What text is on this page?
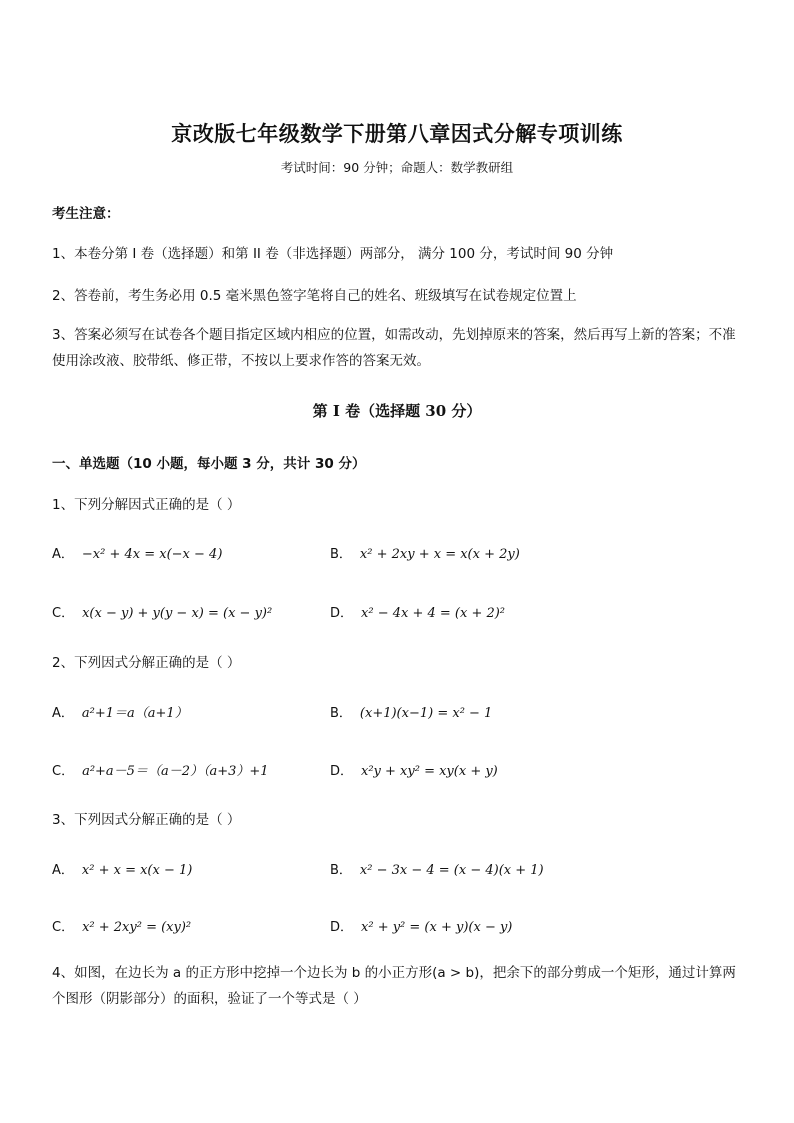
京改版七年级数学下册第八章因式分解专项训练
考试时间：90 分钟；命题人：数学教研组
考生注意：
1、本卷分第 I 卷（选择题）和第 II 卷（非选择题）两部分， 满分 100 分，考试时间 90 分钟
2、答卷前，考生务必用 0.5 毫米黑色签字笔将自己的姓名、班级填写在试卷规定位置上
3、答案必须写在试卷各个题目指定区域内相应的位置，如需改动，先划掉原来的答案，然后再写上新的答案；不准使用涂改液、胶带纸、修正带，不按以上要求作答的答案无效。
第 I 卷（选择题 30 分）
一、单选题（10 小题，每小题 3 分，共计 30 分）
1、下列分解因式正确的是（ ）
A． −x² + 4x = x(−x − 4)	B． x² + 2xy + x = x(x + 2y)
C． x(x − y) + y(y − x) = (x − y)²	D． x² − 4x + 4 = (x + 2)²
2、下列因式分解正确的是（ ）
A． a²+1＝a（a+1）	B． (x+1)(x−1) = x² − 1
C． a²+a－5＝（a－2）（a+3）+1	D． x²y + xy² = xy(x + y)
3、下列因式分解正确的是（ ）
A． x² + x = x(x − 1)	B． x² − 3x − 4 = (x − 4)(x + 1)
C． x² + 2xy² = (xy)²	D． x² + y² = (x + y)(x − y)
4、如图，在边长为 a 的正方形中挖掉一个边长为 b 的小正方形(a > b)，把余下的部分剪成一个矩形，通过计算两个图形（阴影部分）的面积，验证了一个等式是（ ）
